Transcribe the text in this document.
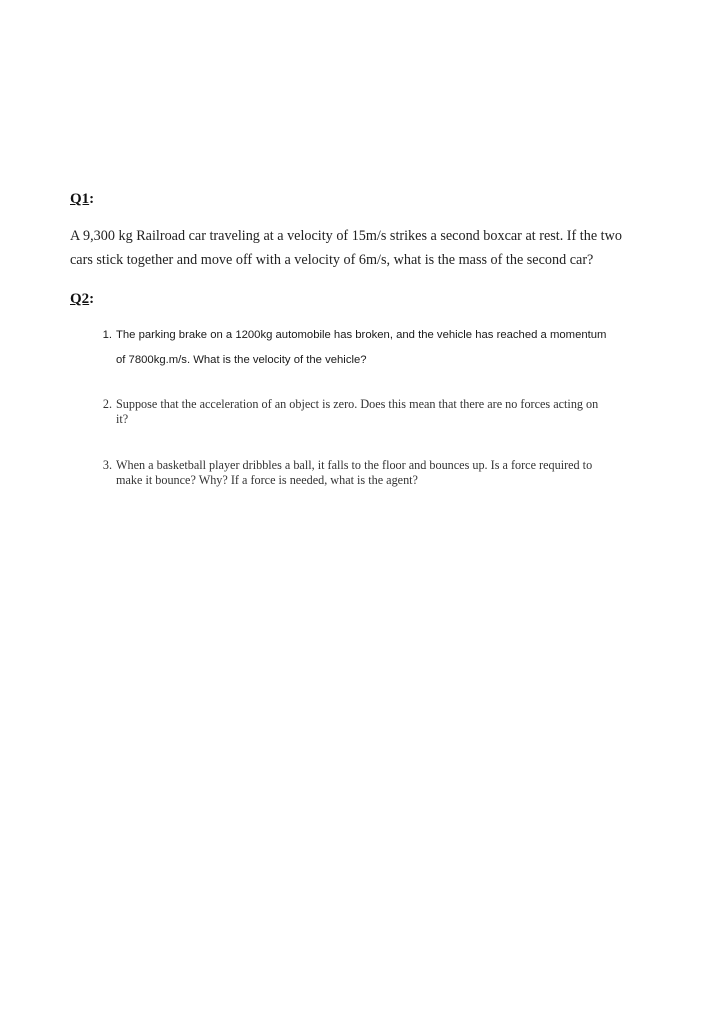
Q1:

A 9,300 kg Railroad car traveling at a velocity of 15m/s strikes a second boxcar at rest. If the two
cars stick together and move off with a velocity of 6m/s, what is the mass of the second car?

Q2:
1. The parking brake on a 1200kg automobile has broken, and the vehicle has reached a momentum
of 7800kg.m/s. What is the velocity of the vehicle?
2. Suppose that the acceleration of an object is zero. Does this mean that there are no forces acting on
it?
3. When a basketball player dribbles a ball, it falls to the floor and bounces up. Is a force required to
make it bounce? Why? If a force is needed, what is the agent?
